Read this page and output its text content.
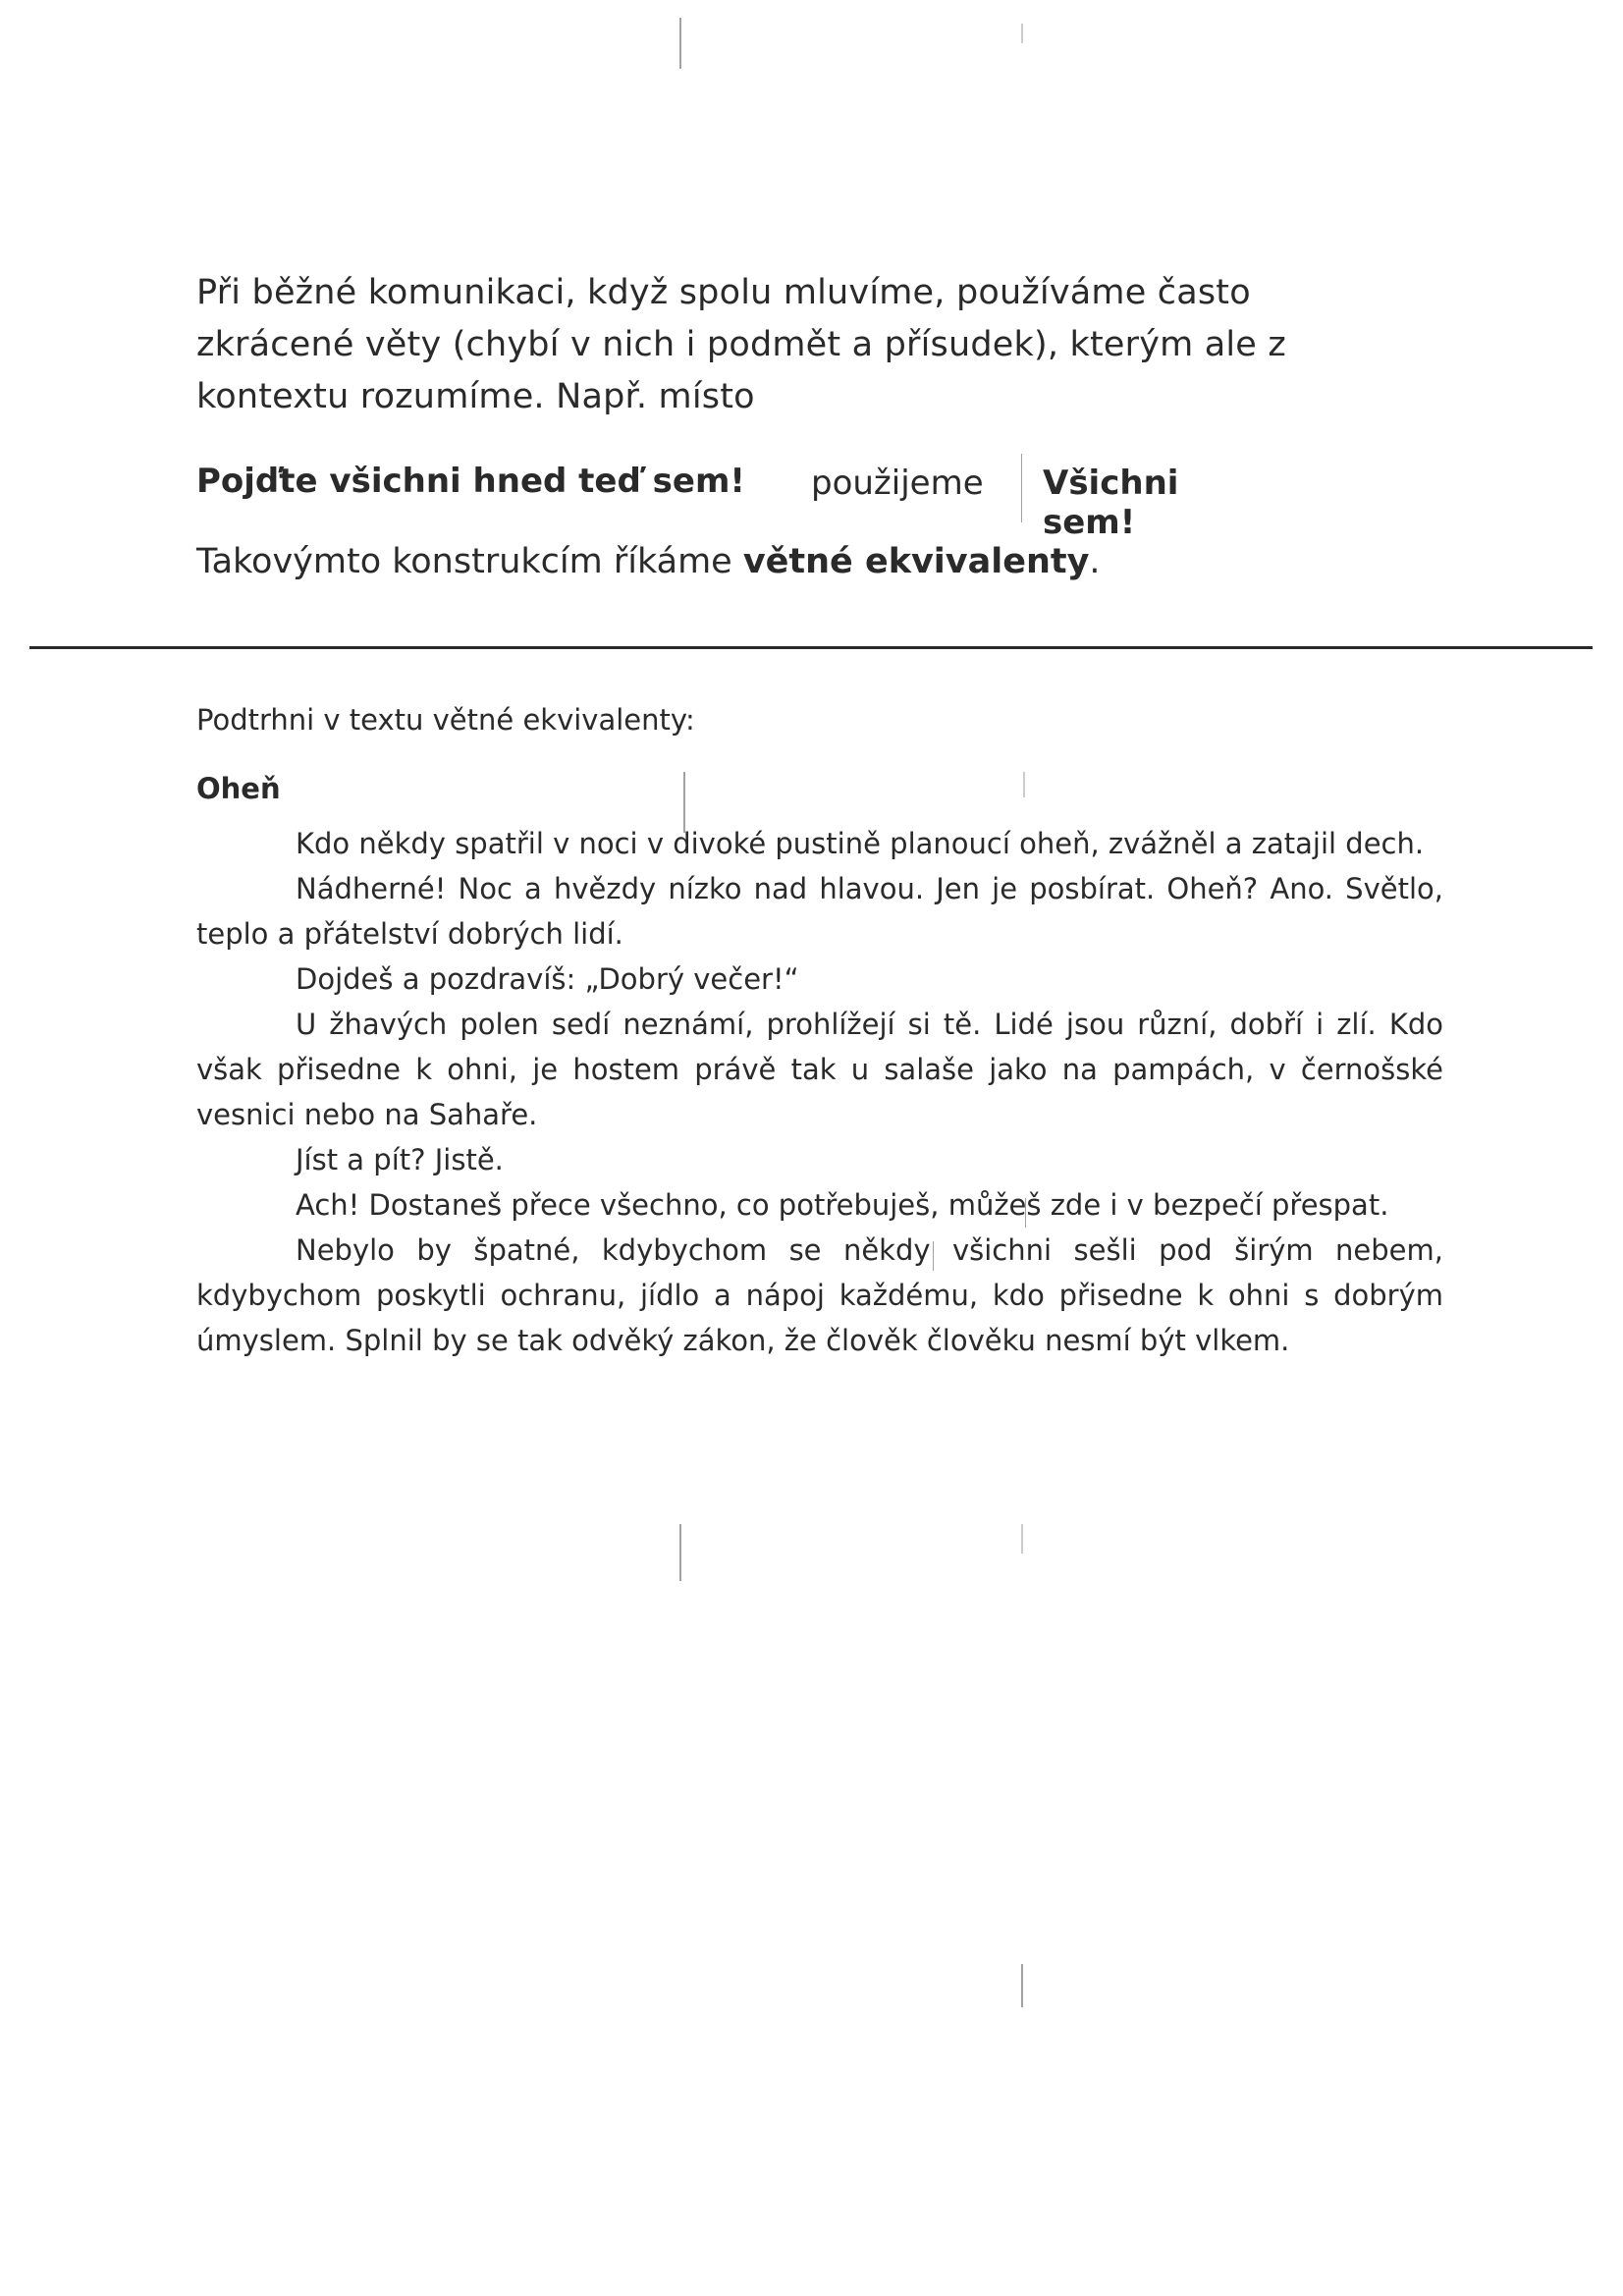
Při běžné komunikaci, když spolu mluvíme, používáme často zkrácené věty (chybí v nich i podmět a přísudek), kterým ale z kontextu rozumíme. Např. místo
Pojďte všichni hned teď sem! použijeme Všichni sem!
Takovýmto konstrukcím říkáme větné ekvivalenty.
Podtrhni v textu větné ekvivalenty:
Oheň

Kdo někdy spatřil v noci v divoké pustině planoucí oheň, zvážněl a zatajil dech.

Nádherné! Noc a hvězdy nízko nad hlavou. Jen je posbírat. Oheň? Ano. Světlo, teplo a přátelství dobrých lidí.

Dojdeš a pozdravíš: „Dobrý večer!“

U žhavých polen sedí neznámí, prohlížejí si tě. Lidé jsou různí, dobří i zlí. Kdo však přisedne k ohni, je hostem právě tak u salaše jako na pampách, v černošské vesnici nebo na Sahaře.

Jíst a pít? Jistě.

Ach! Dostaneš přece všechno, co potřebuješ, můžeš zde i v bezpečí přespat.

Nebylo by špatné, kdybychom se někdy všichni sešli pod širým nebem, kdybychom poskytli ochranu, jídlo a nápoj každému, kdo přisedne k ohni s dobrým úmyslem. Splnil by se tak odvěký zákon, že člověk člověku nesmí být vlkem.
